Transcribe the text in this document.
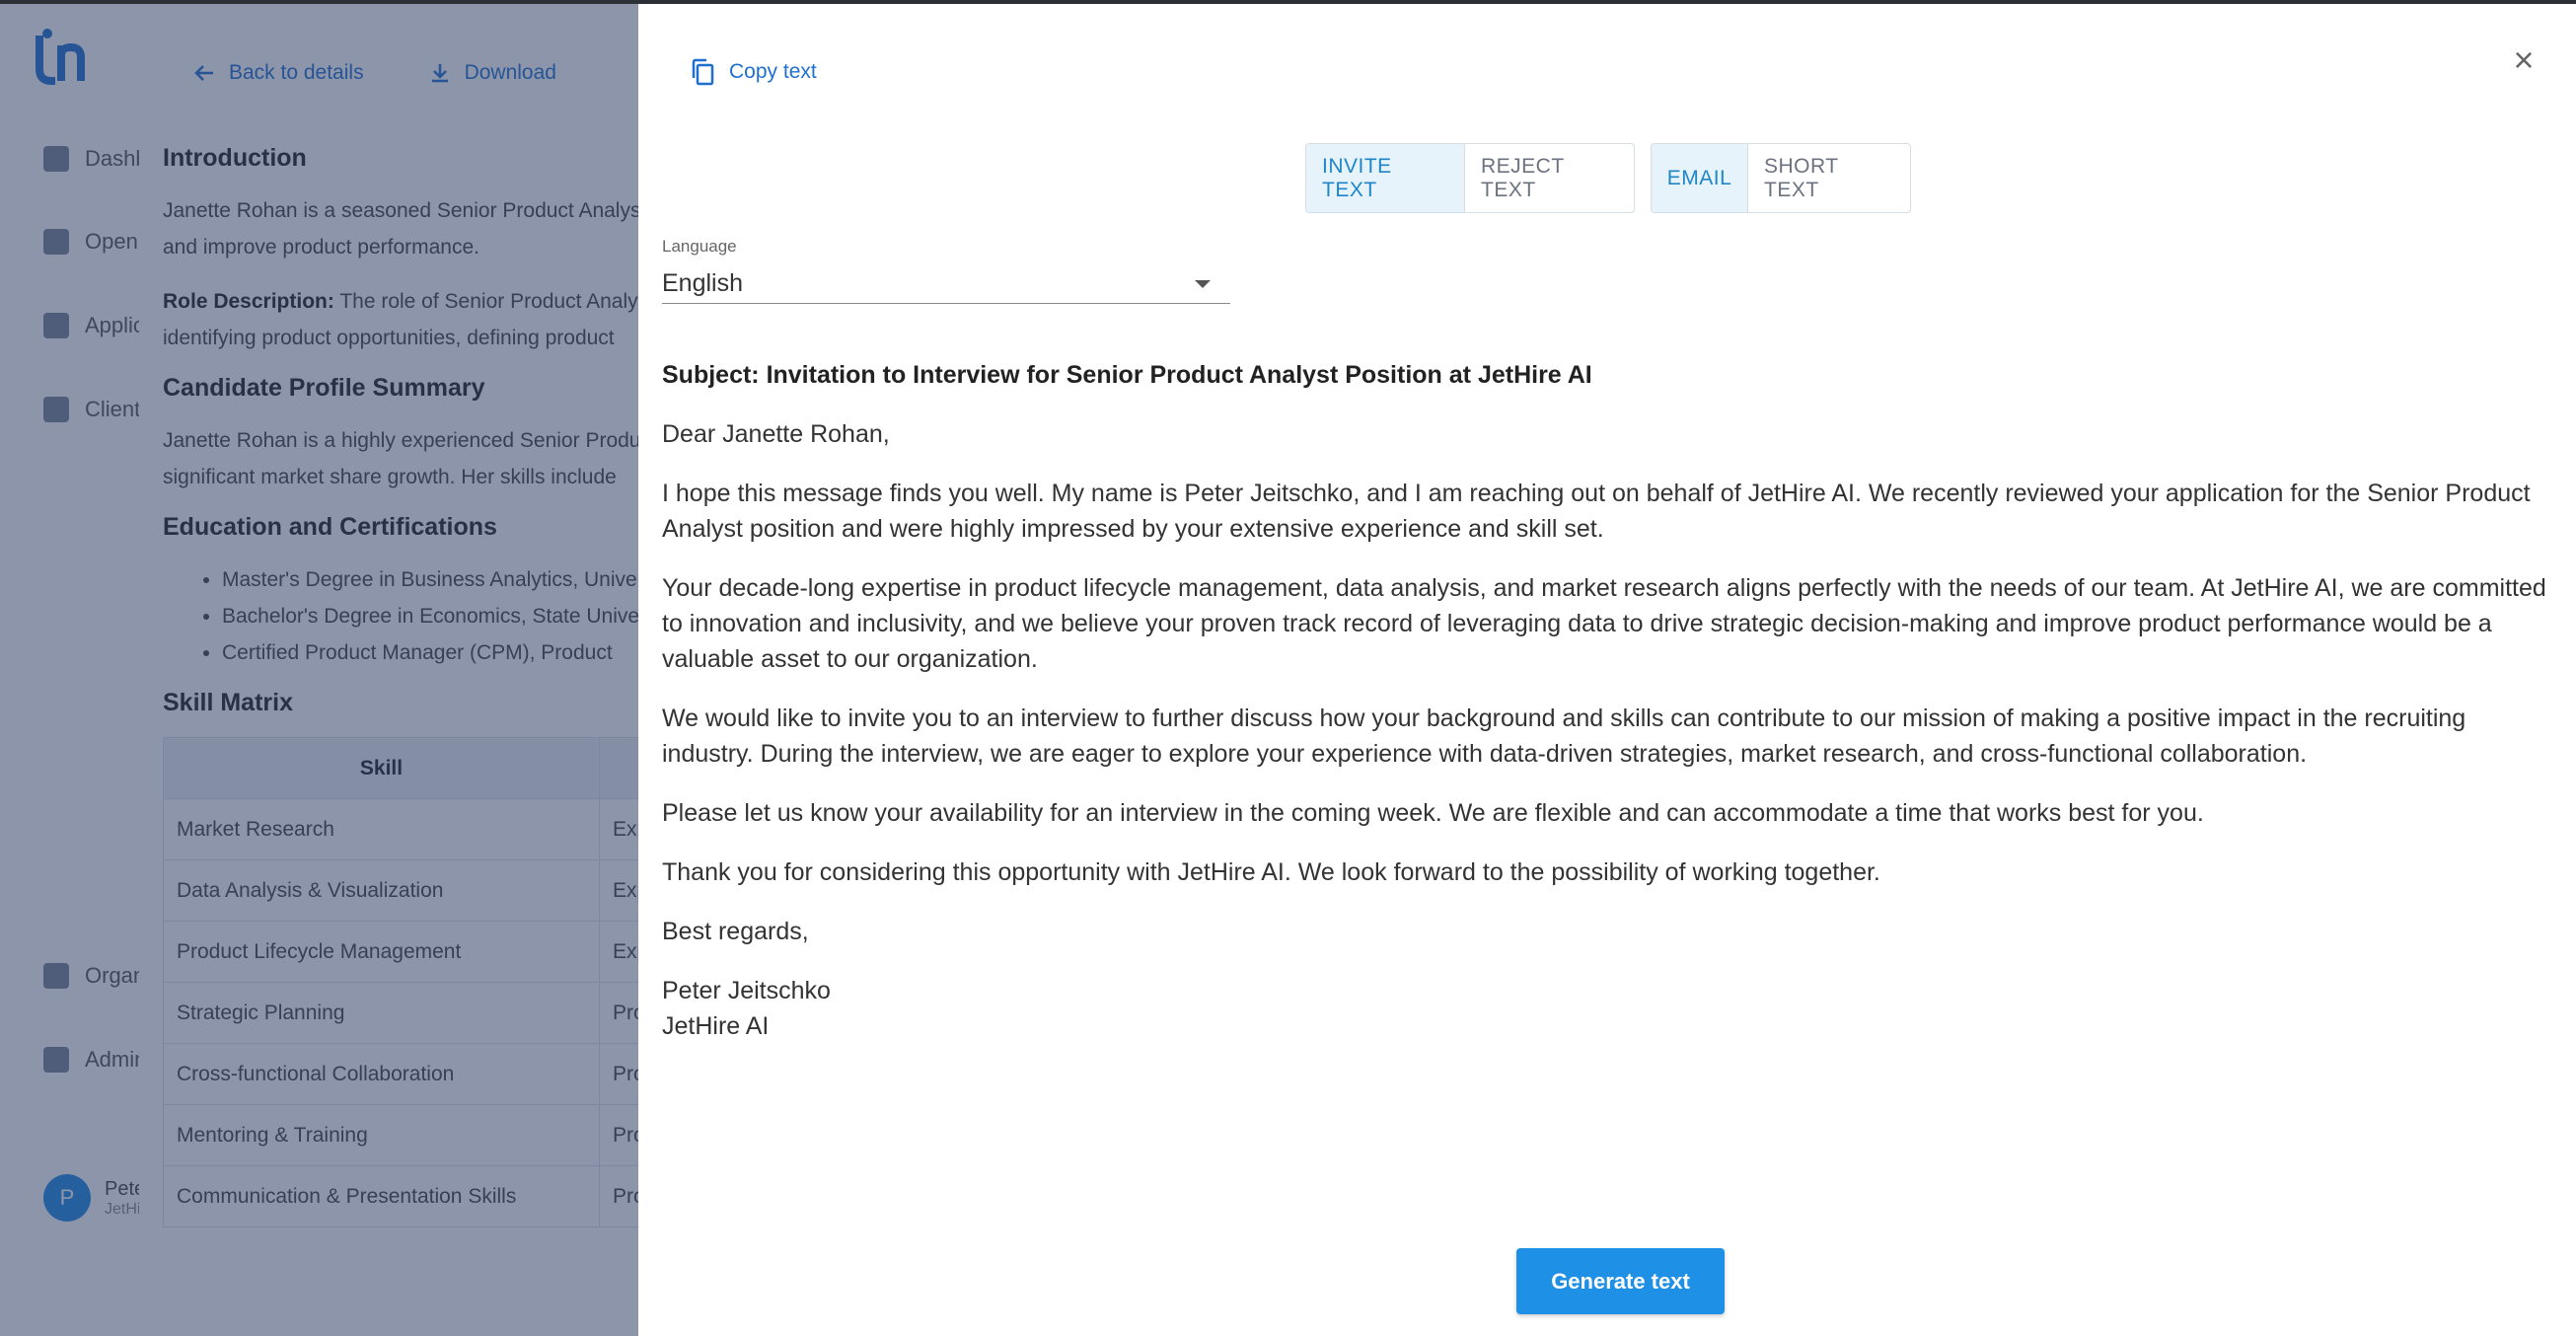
•
•
•

Copy text	×
INVITE TEXT
REJECT TEXT
EMAIL
SHORT TEXT
Language
English

Subject: Invitation to Interview for Senior Product Analyst Position at JetHire AI

Dear Janette Rohan,

I hope this message finds you well. My name is Peter Jeitschko, and I am reaching out on behalf of JetHire AI. We recently reviewed your application for the Senior Product Analyst position and were highly impressed by your extensive experience and skill set.

Your decade-long expertise in product lifecycle management, data analysis, and market research aligns perfectly with the needs of our team. At JetHire AI, we are committed to innovation and inclusivity, and we believe your proven track record of leveraging data to drive strategic decision-making and improve product performance would be a valuable asset to our organization.

We would like to invite you to an interview to further discuss how your background and skills can contribute to our mission of making a positive impact in the recruiting industry. During the interview, we are eager to explore your experience with data-driven strategies, market research, and cross-functional collaboration.

Please let us know your availability for an interview in the coming week. We are flexible and can accommodate a time that works best for you.

Thank you for considering this opportunity with JetHire AI. We look forward to the possibility of working together.

Best regards,

Peter Jeitschko

JetHire AI

Generate text
